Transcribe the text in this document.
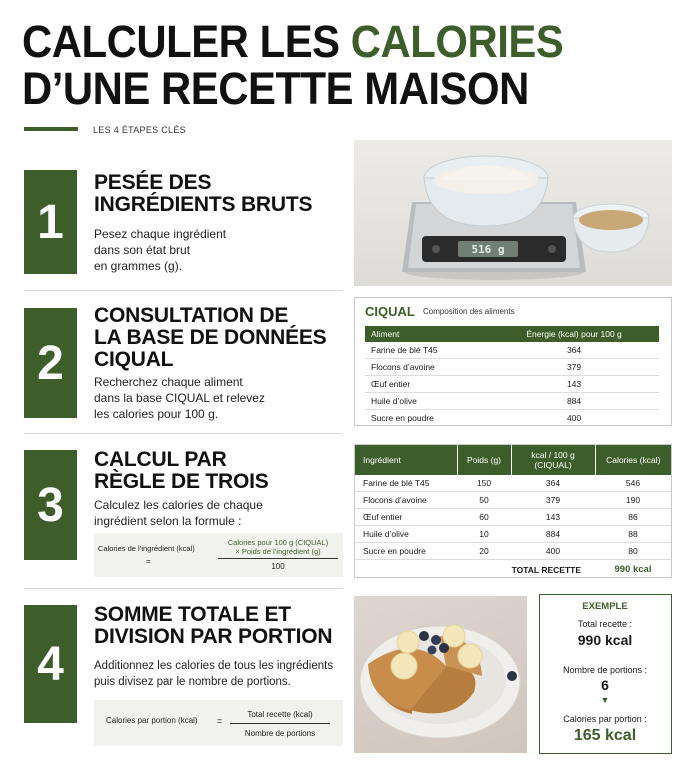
CALCULER LES CALORIES
D’UNE RECETTE MAISON
LES 4 ÉTAPES CLÉS
1
PESÉE DES
INGRÉDIENTS BRUTS
Pesez chaque ingrédient
dans son état brut
en grammes (g).
516 g
2
CONSULTATION DE
LA BASE DE DONNÉES
CIQUAL
Recherchez chaque aliment
dans la base CIQUAL et relevez
les calories pour 100 g.
CIQUAL Composition des aliments
Aliment	Énergie (kcal) pour 100 g
Farine de blé T45	364
Flocons d’avoine	379
Œuf entier	143
Huile d’olive	884
Sucre en poudre	400
3
CALCUL PAR
RÈGLE DE TROIS
Calculez les calories de chaque
ingrédient selon la formule :
Calories de l’ingrédient (kcal)
=
Calories pour 100 g (CIQUAL)
× Poids de l’ingrédient (g)
100
Ingrédient	Poids (g)	kcal / 100 g (CIQUAL)	Calories (kcal)
Farine de blé T45	150	364	546
Flocons d’avoine	50	379	190
Œuf entier	60	143	86
Huile d’olive	10	884	88
Sucre en poudre	20	400	80
TOTAL RECETTE			990 kcal
4
SOMME TOTALE ET
DIVISION PAR PORTION
Additionnez les calories de tous les ingrédients
puis divisez par le nombre de portions.
Calories par portion (kcal) =
Total recette (kcal)
Nombre de portions
EXEMPLE
Total recette :
990 kcal
Nombre de portions :
6
▼
Calories par portion :
165 kcal
